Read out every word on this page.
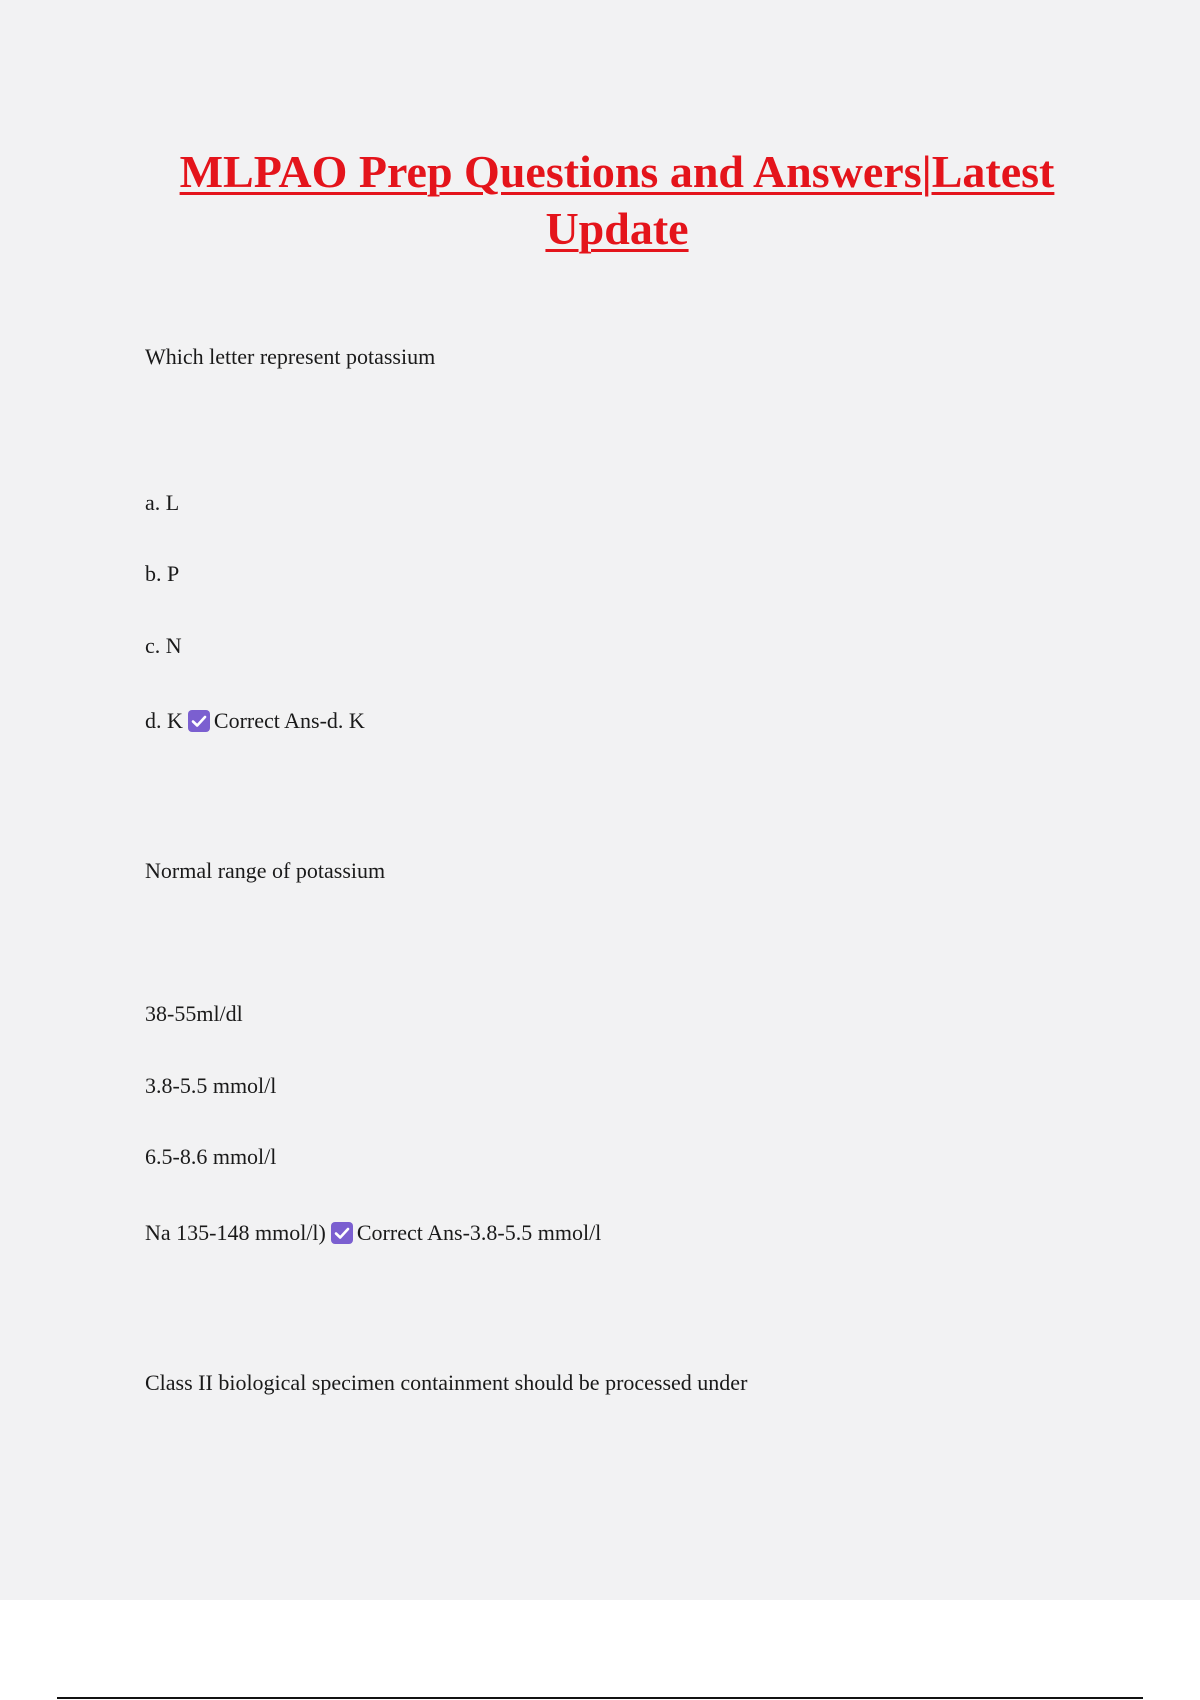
MLPAO Prep Questions and Answers|Latest Update

Which letter represent potassium

a. L

b. P

c. N

d. K Correct Ans-d. K

Normal range of potassium

38-55ml/dl

3.8-5.5 mmol/l

6.5-8.6 mmol/l

Na 135-148 mmol/l) Correct Ans-3.8-5.5 mmol/l

Class II biological specimen containment should be processed under
